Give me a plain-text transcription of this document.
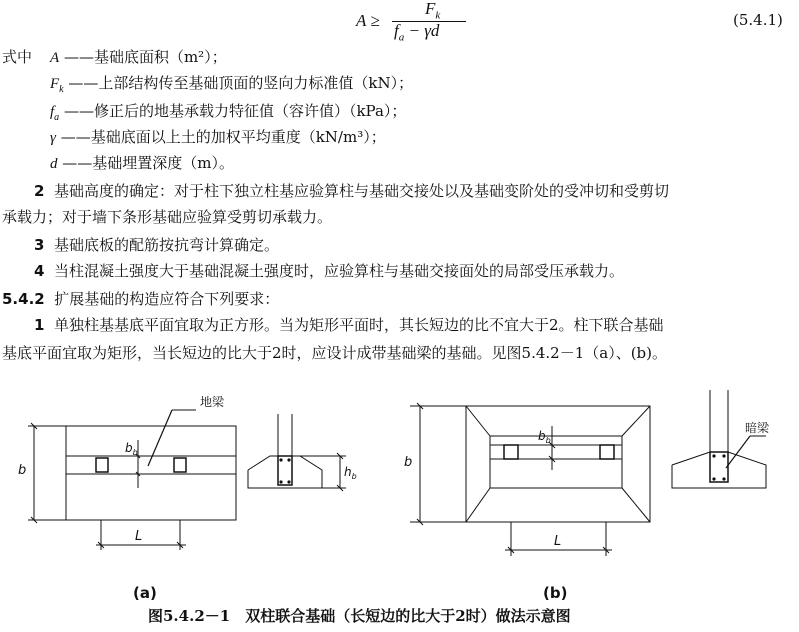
A ≥
$F_k$
$f_a - \gamma d$
(5.4.1)
式中 A ——基础底面积（m²）；
$F_k$ ——上部结构传至基础顶面的竖向力标准值（kN）；
$f_a$ ——修正后的地基承载力特征值（容许值）（kPa）；
γ ——基础底面以上土的加权平均重度（kN/m³）；
d ——基础埋置深度（m）。
2 基础高度的确定：对于柱下独立柱基应验算柱与基础交接处以及基础变阶处的受冲切和受剪切
承载力；对于墙下条形基础应验算受剪切承载力。
3 基础底板的配筋按抗弯计算确定。
4 当柱混凝土强度大于基础混凝土强度时，应验算柱与基础交接面处的局部受压承载力。
5.4.2 扩展基础的构造应符合下列要求：
1 单独柱基基底平面宜取为正方形。当为矩形平面时，其长短边的比不宜大于2。柱下联合基础
基底平面宜取为矩形，当长短边的比大于2时，应设计成带基础梁的基础。见图5.4.2－1（a）、(b)。
地梁
暗梁
b
b
$b_b$
$b_b$
$h_b$
L	L
(a)	(b)
图5.4.2－1　双柱联合基础（长短边的比大于2时）做法示意图
